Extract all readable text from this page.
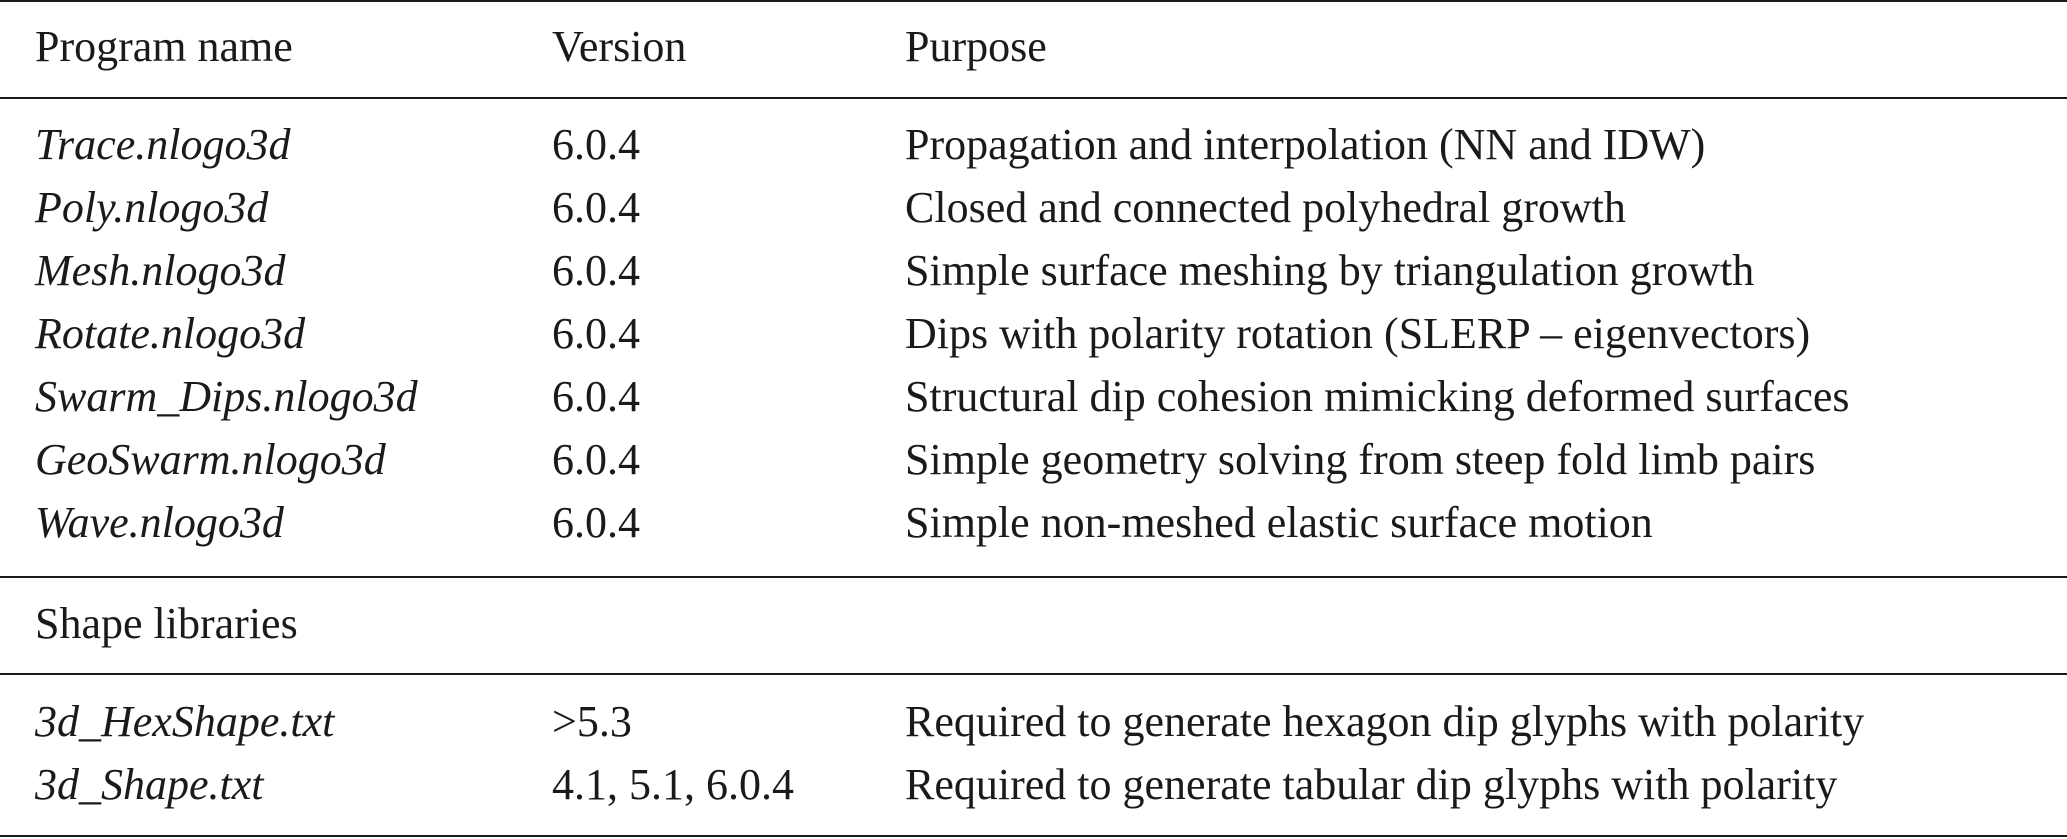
Program name	Version	Purpose
Trace.nlogo3d	6.0.4	Propagation and interpolation (NN and IDW)
Poly.nlogo3d	6.0.4	Closed and connected polyhedral growth
Mesh.nlogo3d	6.0.4	Simple surface meshing by triangulation growth
Rotate.nlogo3d	6.0.4	Dips with polarity rotation (SLERP – eigenvectors)
Swarm_Dips.nlogo3d	6.0.4	Structural dip cohesion mimicking deformed surfaces
GeoSwarm.nlogo3d	6.0.4	Simple geometry solving from steep fold limb pairs
Wave.nlogo3d	6.0.4	Simple non-meshed elastic surface motion
Shape libraries
3d_HexShape.txt	>5.3	Required to generate hexagon dip glyphs with polarity
3d_Shape.txt	4.1, 5.1, 6.0.4	Required to generate tabular dip glyphs with polarity
